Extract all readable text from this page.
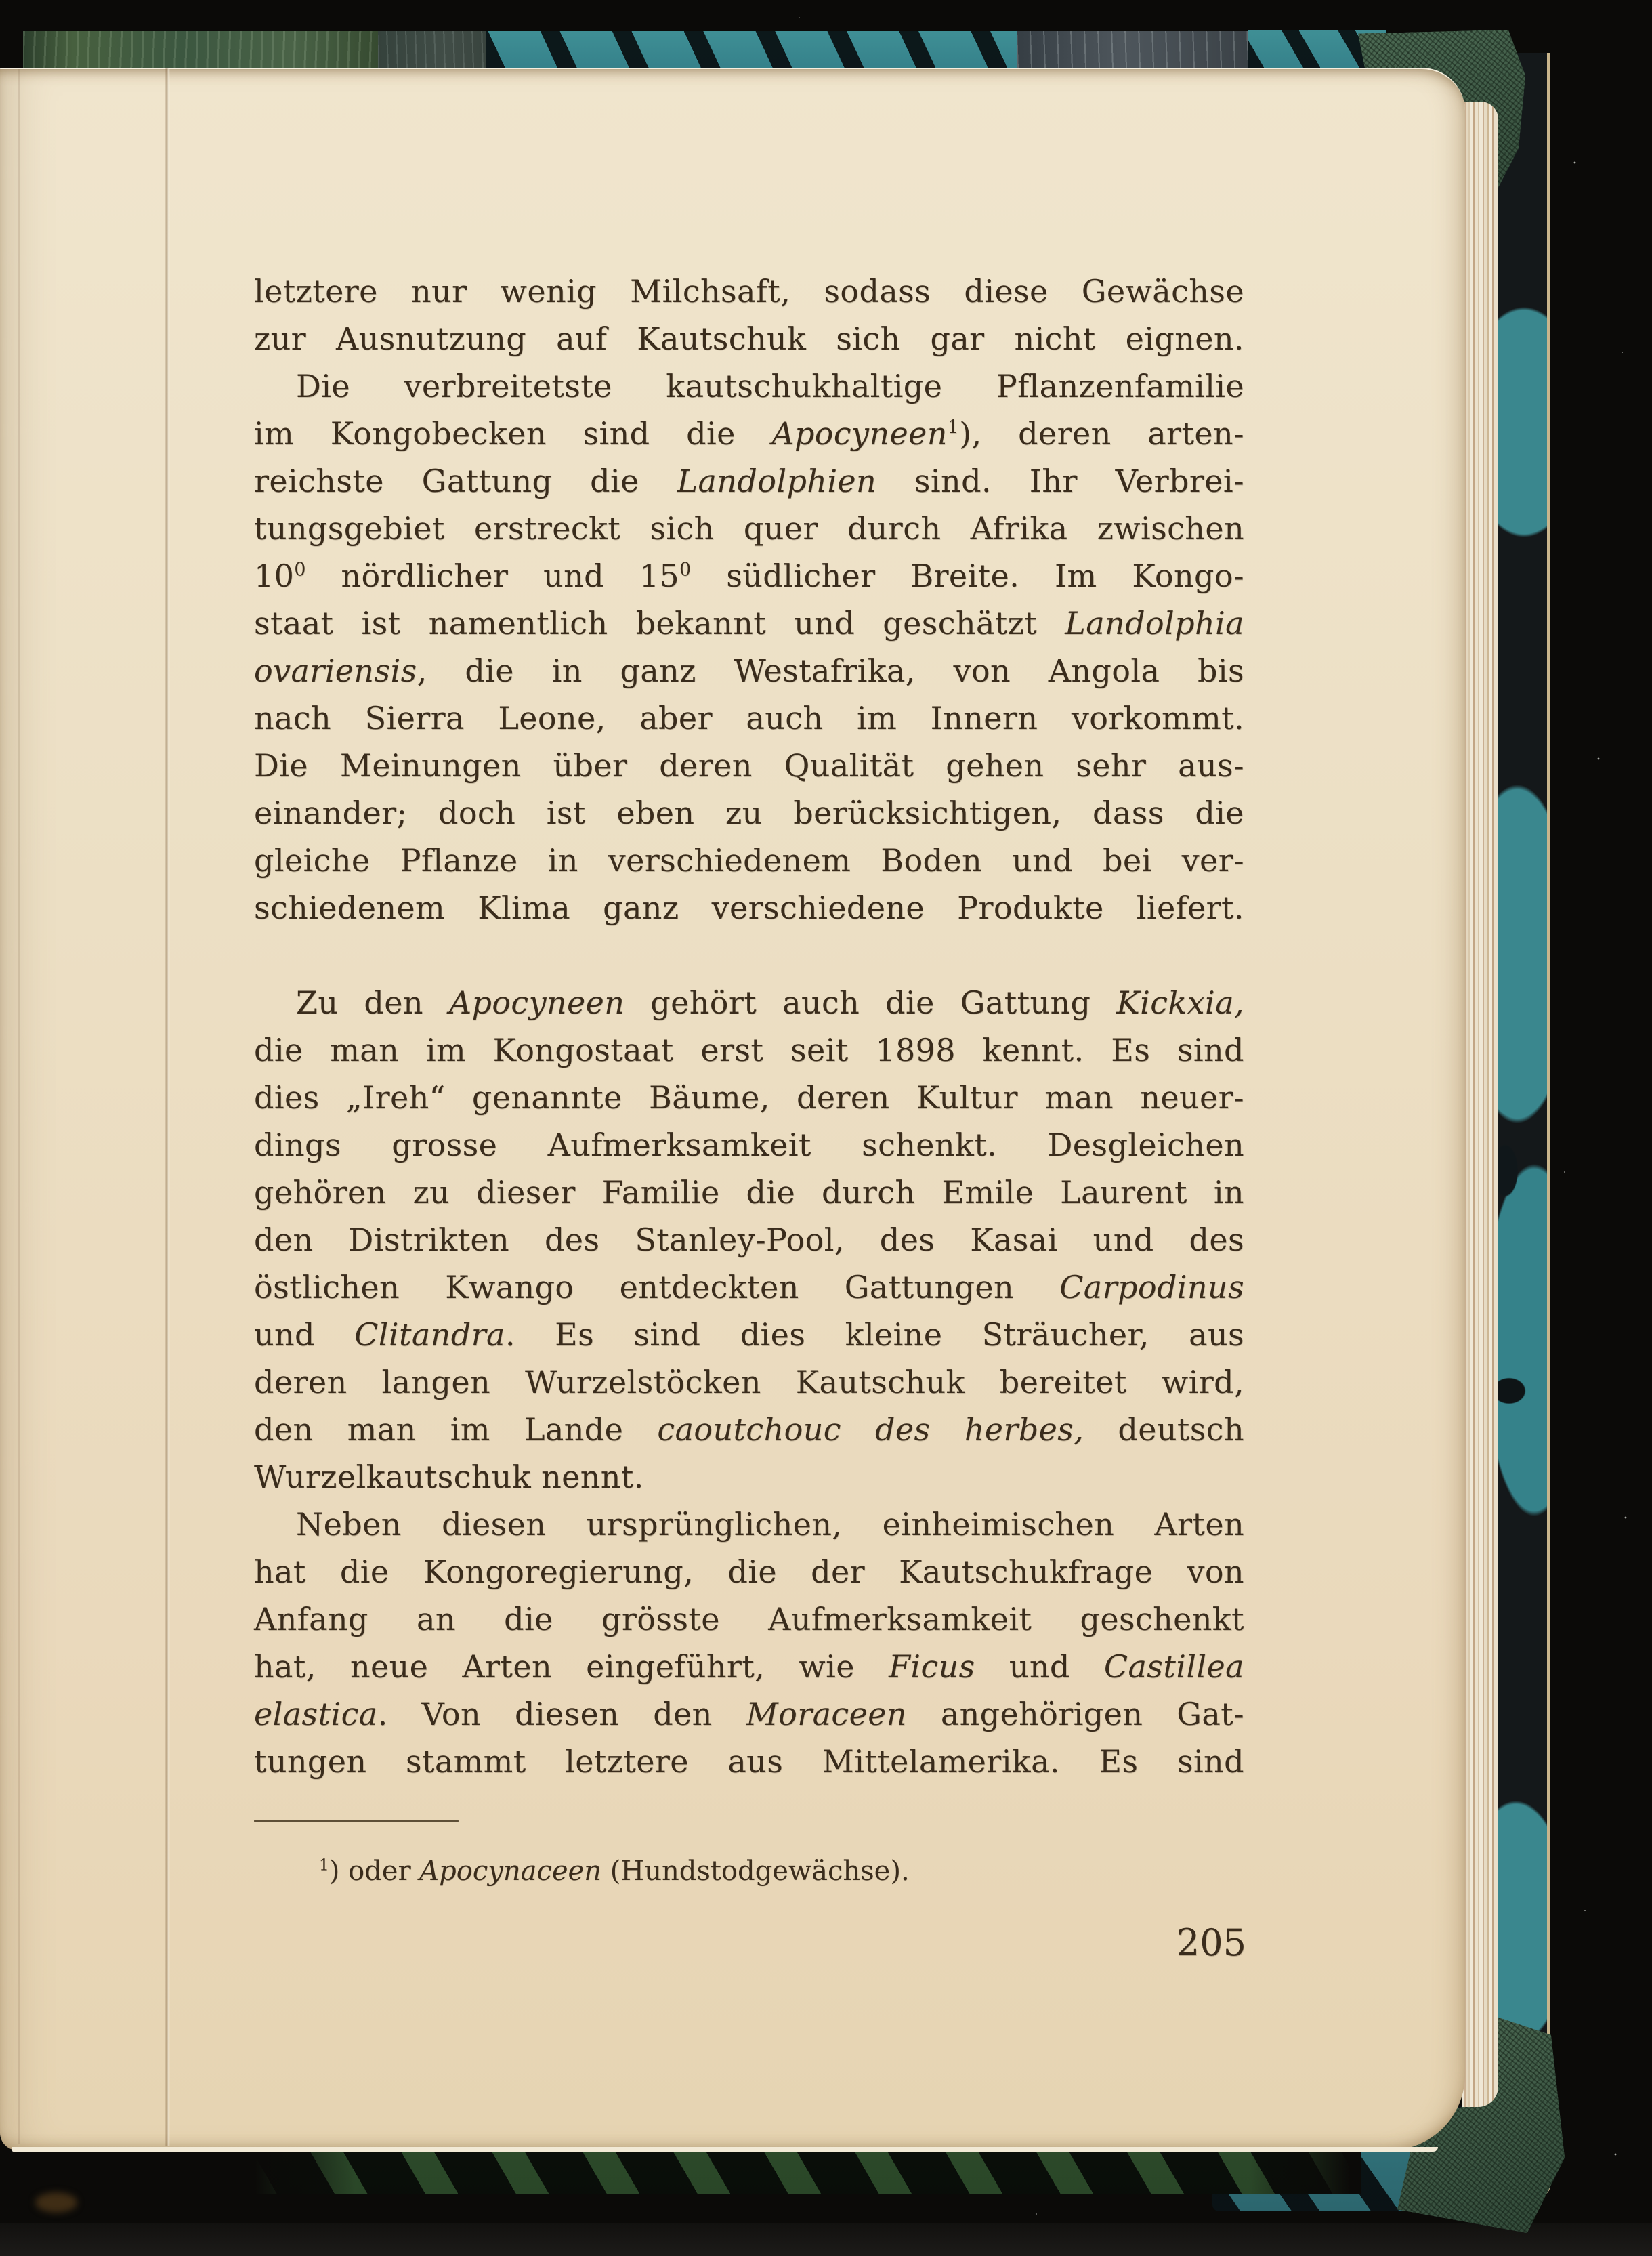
letztere nur wenig Milchsaft, sodass diese Gewächse
zur Ausnutzung auf Kautschuk sich gar nicht eignen.
Die verbreitetste kautschukhaltige Pflanzenfamilie
im Kongobecken sind die Apocyneen$^1$), deren arten-
reichste Gattung die Landolphien sind. Ihr Verbrei-
tungsgebiet erstreckt sich quer durch Afrika zwischen
$10^0$ nördlicher und $15^0$ südlicher Breite. Im Kongo-
staat ist namentlich bekannt und geschätzt Landolphia
ovariensis, die in ganz Westafrika, von Angola bis
nach Sierra Leone, aber auch im Innern vorkommt.
Die Meinungen über deren Qualität gehen sehr aus-
einander; doch ist eben zu berücksichtigen, dass die
gleiche Pflanze in verschiedenem Boden und bei ver-
schiedenem Klima ganz verschiedene Produkte liefert.
Zu den Apocyneen gehört auch die Gattung Kickxia,
die man im Kongostaat erst seit 1898 kennt. Es sind
dies „Ireh“ genannte Bäume, deren Kultur man neuer-
dings grosse Aufmerksamkeit schenkt. Desgleichen
gehören zu dieser Familie die durch Emile Laurent in
den Distrikten des Stanley-Pool, des Kasai und des
östlichen Kwango entdeckten Gattungen Carpodinus
und Clitandra. Es sind dies kleine Sträucher, aus
deren langen Wurzelstöcken Kautschuk bereitet wird,
den man im Lande caoutchouc des herbes, deutsch
Wurzelkautschuk nennt.
Neben diesen ursprünglichen, einheimischen Arten
hat die Kongoregierung, die der Kautschukfrage von
Anfang an die grösste Aufmerksamkeit geschenkt
hat, neue Arten eingeführt, wie Ficus und Castillea
elastica. Von diesen den Moraceen angehörigen Gat-
tungen stammt letztere aus Mittelamerika. Es sind
$^1$) oder Apocynaceen (Hundstodgewächse).
205
